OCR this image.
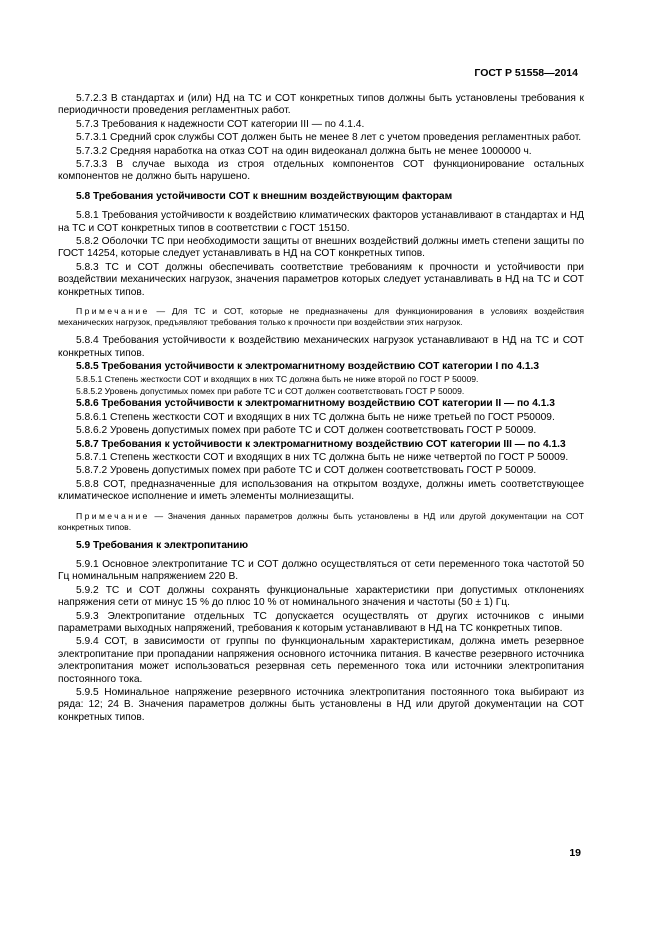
ГОСТ Р 51558—2014

5.7.2.3 В стандартах и (или) НД на ТС и СОТ конкретных типов должны быть установлены требования к периодичности проведения регламентных работ.

5.7.3 Требования к надежности СОТ категории III — по 4.1.4.

5.7.3.1 Средний срок службы СОТ должен быть не менее 8 лет с учетом проведения регламентных работ.

5.7.3.2 Средняя наработка на отказ СОТ на один видеоканал должна быть не менее 1000000 ч.

5.7.3.3 В случае выхода из строя отдельных компонентов СОТ функционирование остальных компонентов не должно быть нарушено.

5.8 Требования устойчивости СОТ к внешним воздействующим факторам

5.8.1 Требования устойчивости к воздействию климатических факторов устанавливают в стандартах и НД на ТС и СОТ конкретных типов в соответствии с ГОСТ 15150.

5.8.2 Оболочки ТС при необходимости защиты от внешних воздействий должны иметь степени защиты по ГОСТ 14254, которые следует устанавливать в НД на СОТ конкретных типов.

5.8.3 ТС и СОТ должны обеспечивать соответствие требованиям к прочности и устойчивости при воздействии механических нагрузок, значения параметров которых следует устанавливать в НД на ТС и СОТ конкретных типов.

Примечание — Для ТС и СОТ, которые не предназначены для функционирования в условиях воздействия механических нагрузок, предъявляют требования только к прочности при воздействии этих нагрузок.

5.8.4 Требования устойчивости к воздействию механических нагрузок устанавливают в НД на ТС и СОТ конкретных типов.

5.8.5 Требования устойчивости к электромагнитному воздействию СОТ категории I по 4.1.3

5.8.5.1 Степень жесткости СОТ и входящих в них ТС должна быть не ниже второй по ГОСТ Р 50009.

5.8.5.2 Уровень допустимых помех при работе ТС и СОТ должен соответствовать ГОСТ Р 50009.

5.8.6 Требования устойчивости к электромагнитному воздействию СОТ категории II — по 4.1.3

5.8.6.1 Степень жесткости СОТ и входящих в них ТС должна быть не ниже третьей по ГОСТ Р50009.

5.8.6.2 Уровень допустимых помех при работе ТС и СОТ должен соответствовать ГОСТ Р 50009.

5.8.7 Требования к устойчивости к электромагнитному воздействию СОТ категории III — по 4.1.3

5.8.7.1 Степень жесткости СОТ и входящих в них ТС должна быть не ниже четвертой по ГОСТ Р 50009.

5.8.7.2 Уровень допустимых помех при работе ТС и СОТ должен соответствовать ГОСТ Р 50009.

5.8.8 СОТ, предназначенные для использования на открытом воздухе, должны иметь соответствующее климатическое исполнение и иметь элементы молниезащиты.

Примечание — Значения данных параметров должны быть установлены в НД или другой документации на СОТ конкретных типов.

5.9 Требования к электропитанию

5.9.1 Основное электропитание ТС и СОТ должно осуществляться от сети переменного тока частотой 50 Гц номинальным напряжением 220 В.

5.9.2 ТС и СОТ должны сохранять функциональные характеристики при допустимых отклонениях напряжения сети от минус 15 % до плюс 10 % от номинального значения и частоты (50 ± 1) Гц.

5.9.3 Электропитание отдельных ТС допускается осуществлять от других источников с иными параметрами выходных напряжений, требования к которым устанавливают в НД на ТС конкретных типов.

5.9.4 СОТ, в зависимости от группы по функциональным характеристикам, должна иметь резервное электропитание при пропадании напряжения основного источника питания. В качестве резервного источника электропитания может использоваться резервная сеть переменного тока или источники электропитания постоянного тока.

5.9.5 Номинальное напряжение резервного источника электропитания постоянного тока выбирают из ряда: 12; 24 В. Значения параметров должны быть установлены в НД или другой документации на СОТ конкретных типов.

19
